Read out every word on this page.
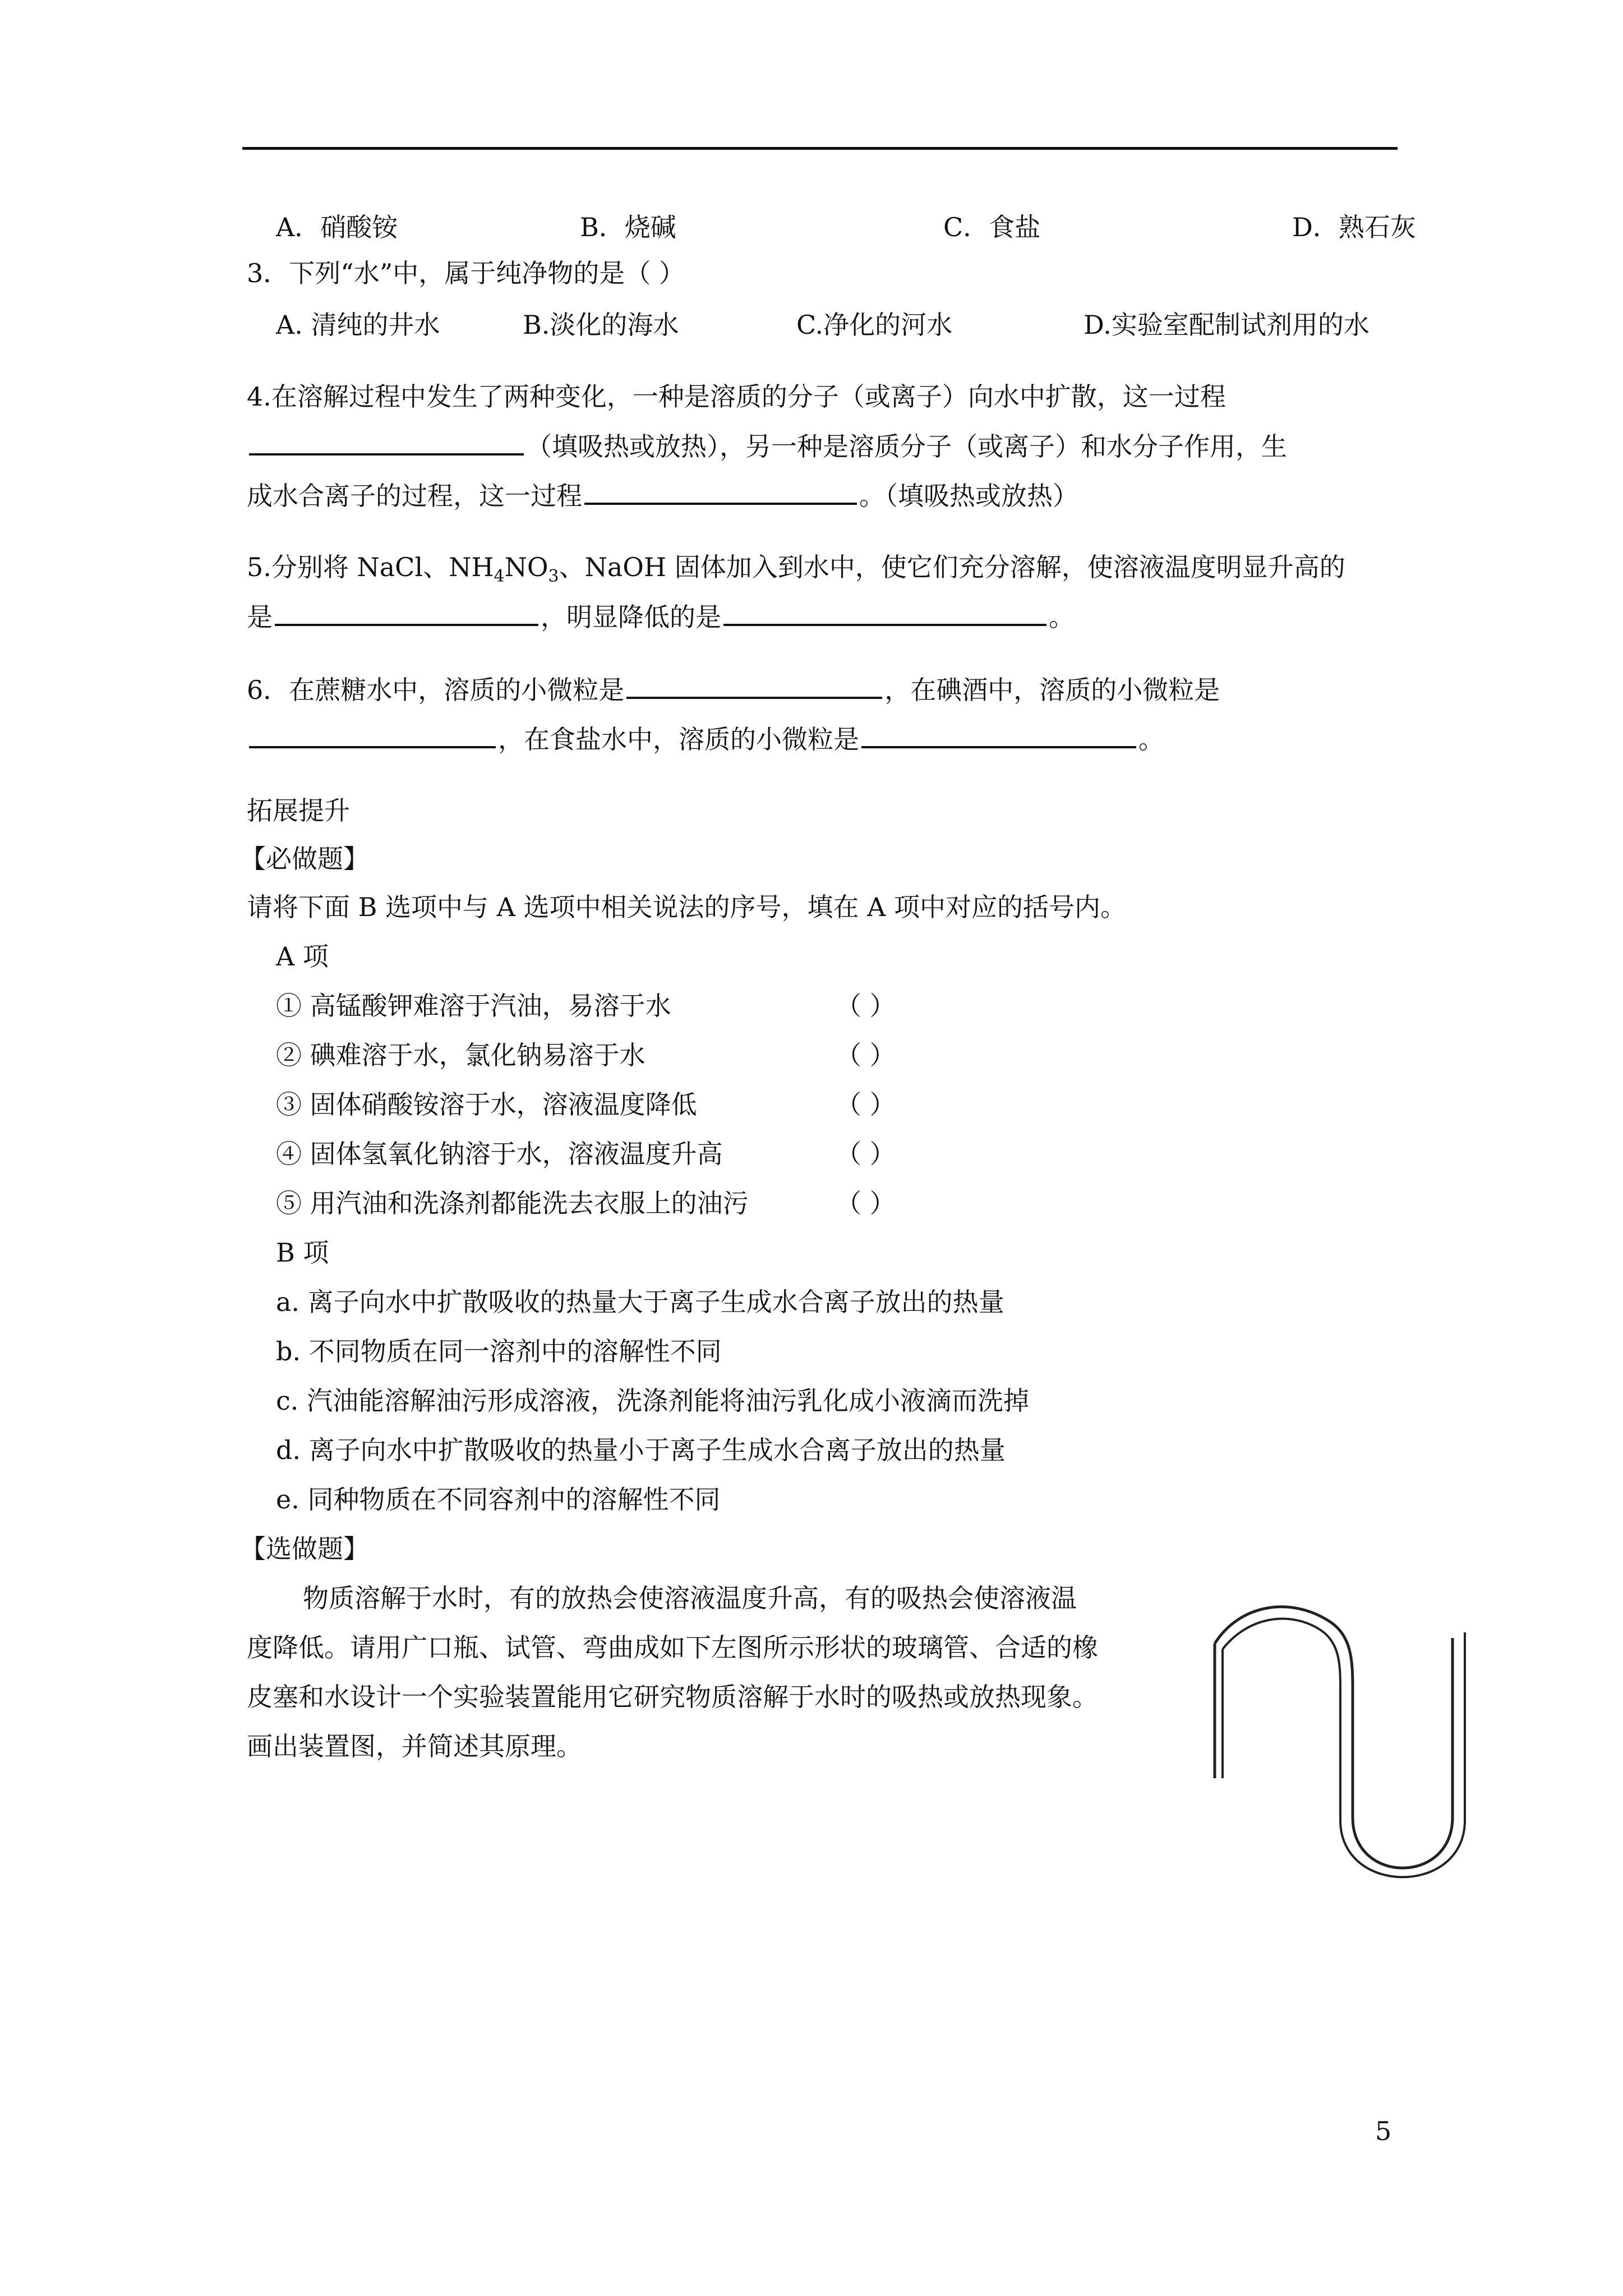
A．硝酸铵	B．烧碱	C．食盐	D．熟石灰
3．下列“水”中，属于纯净物的是（ ）
A. 清纯的井水	B.淡化的海水	C.净化的河水	D.实验室配制试剂用的水
4.在溶解过程中发生了两种变化，一种是溶质的分子（或离子）向水中扩散，这一过程
（填吸热或放热），另一种是溶质分子（或离子）和水分子作用，生
成水合离子的过程，这一过程	。（填吸热或放热）
5.分别将 NaCl、$NH_4NO_3$、NaOH 固体加入到水中，使它们充分溶解，使溶液温度明显升高的
是	，明显降低的是	。
6．在蔗糖水中，溶质的小微粒是	，在碘酒中，溶质的小微粒是
，在食盐水中，溶质的小微粒是	。
拓展提升
【必做题】
请将下面 B 选项中与 A 选项中相关说法的序号，填在 A 项中对应的括号内。
A 项
① 高锰酸钾难溶于汽油，易溶于水	（ ）
② 碘难溶于水，氯化钠易溶于水	（ ）
③ 固体硝酸铵溶于水，溶液温度降低	（ ）
④ 固体氢氧化钠溶于水，溶液温度升高	（ ）
⑤ 用汽油和洗涤剂都能洗去衣服上的油污	（ ）
B 项
a. 离子向水中扩散吸收的热量大于离子生成水合离子放出的热量
b. 不同物质在同一溶剂中的溶解性不同
c. 汽油能溶解油污形成溶液，洗涤剂能将油污乳化成小液滴而洗掉
d. 离子向水中扩散吸收的热量小于离子生成水合离子放出的热量
e. 同种物质在不同容剂中的溶解性不同
【选做题】
物质溶解于水时，有的放热会使溶液温度升高，有的吸热会使溶液温
度降低。请用广口瓶、试管、弯曲成如下左图所示形状的玻璃管、合适的橡
皮塞和水设计一个实验装置能用它研究物质溶解于水时的吸热或放热现象。
画出装置图，并简述其原理。
5
